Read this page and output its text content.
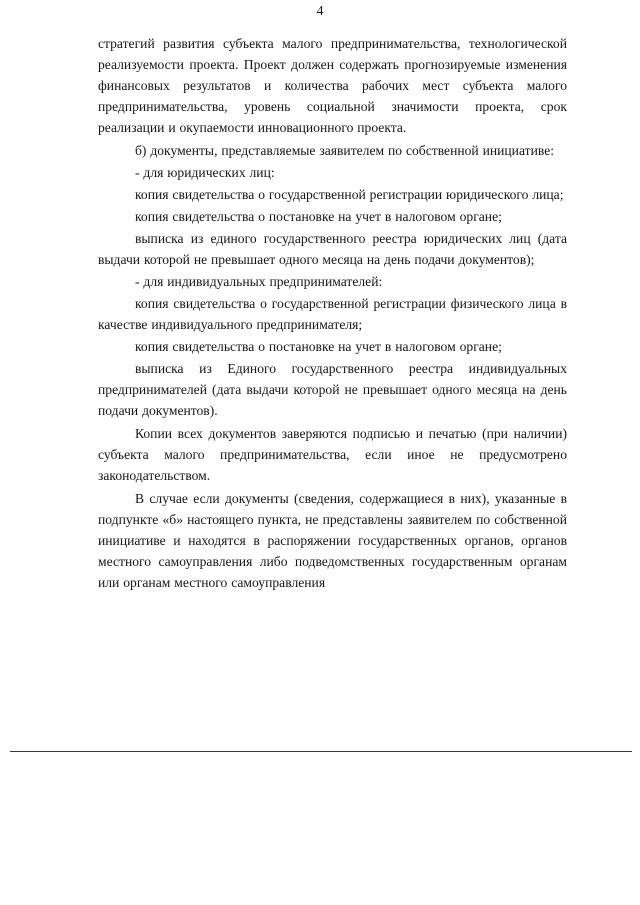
4

стратегий развития субъекта малого предпринимательства, технологической реализуемости проекта. Проект должен содержать прогнозируемые изменения финансовых результатов и количества рабочих мест субъекта малого предпринимательства, уровень социальной значимости проекта, срок реализации и окупаемости инновационного проекта.

б) документы, представляемые заявителем по собственной инициативе:

- для юридических лиц:

копия свидетельства о государственной регистрации юридического лица;

копия свидетельства о постановке на учет в налоговом органе;

выписка из единого государственного реестра юридических лиц (дата выдачи которой не превышает одного месяца на день подачи документов);

- для индивидуальных предпринимателей:

копия свидетельства о государственной регистрации физического лица в качестве индивидуального предпринимателя;

копия свидетельства о постановке на учет в налоговом органе;

выписка из Единого государственного реестра индивидуальных предпринимателей (дата выдачи которой не превышает одного месяца на день подачи документов).

Копии всех документов заверяются подписью и печатью (при наличии) субъекта малого предпринимательства, если иное не предусмотрено законодательством.

В случае если документы (сведения, содержащиеся в них), указанные в подпункте «б» настоящего пункта, не представлены заявителем по собственной инициативе и находятся в распоряжении государственных органов, органов местного самоуправления либо подведомственных государственным органам или органам местного самоуправления
